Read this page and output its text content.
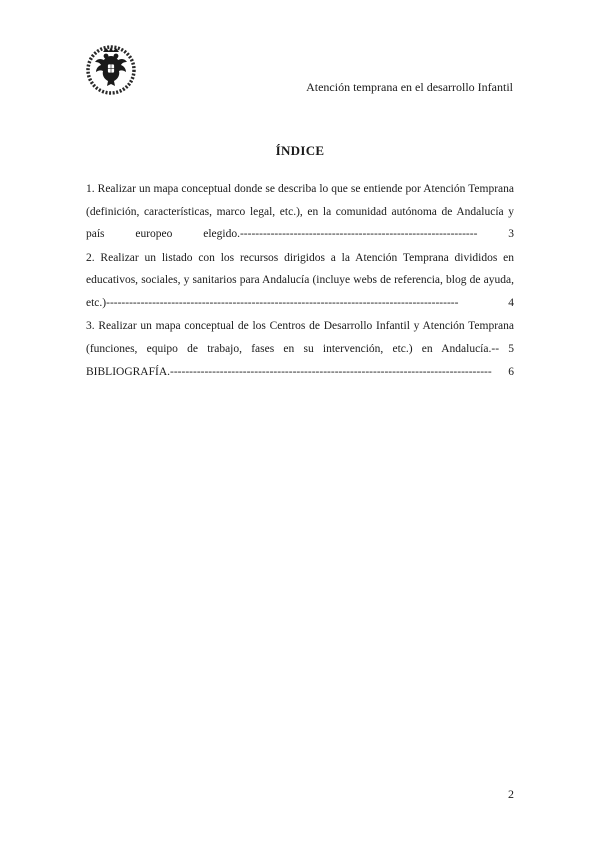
Atención temprana en el desarrollo Infantil
ÍNDICE
1. Realizar un mapa conceptual donde se describa lo que se entiende por Atención Temprana (definición, características, marco legal, etc.), en la comunidad autónoma de Andalucía y país europeo elegido.--------------------------------------------------------------	3
2. Realizar un listado con los recursos dirigidos a la Atención Temprana divididos en educativos, sociales, y sanitarios para Andalucía (incluye webs de referencia, blog de ayuda, etc.)--------------------------------------------------------------------------------------------	4
3. Realizar un mapa conceptual de los Centros de Desarrollo Infantil y Atención Temprana (funciones, equipo de trabajo, fases en su intervención, etc.) en Andalucía.-- 5
BIBLIOGRAFÍA.------------------------------------------------------------------------------------ 6
2
